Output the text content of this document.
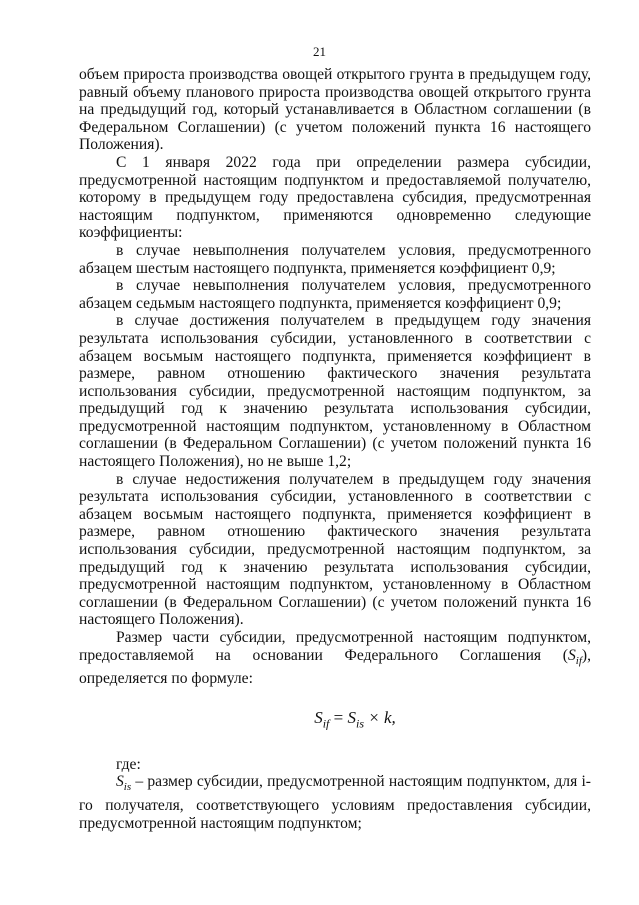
21

объем прироста производства овощей открытого грунта в предыдущем году, равный объему планового прироста производства овощей открытого грунта на предыдущий год, который устанавливается в Областном соглашении (в Федеральном Соглашении) (с учетом положений пункта 16 настоящего Положения).

С 1 января 2022 года при определении размера субсидии, предусмотренной настоящим подпунктом и предоставляемой получателю, которому в предыдущем году предоставлена субсидия, предусмотренная настоящим подпунктом, применяются одновременно следующие коэффициенты:

в случае невыполнения получателем условия, предусмотренного абзацем шестым настоящего подпункта, применяется коэффициент 0,9;

в случае невыполнения получателем условия, предусмотренного абзацем седьмым настоящего подпункта, применяется коэффициент 0,9;

в случае достижения получателем в предыдущем году значения результата использования субсидии, установленного в соответствии с абзацем восьмым настоящего подпункта, применяется коэффициент в размере, равном отношению фактического значения результата использования субсидии, предусмотренной настоящим подпунктом, за предыдущий год к значению результата использования субсидии, предусмотренной настоящим подпунктом, установленному в Областном соглашении (в Федеральном Соглашении) (с учетом положений пункта 16 настоящего Положения), но не выше 1,2;

в случае недостижения получателем в предыдущем году значения результата использования субсидии, установленного в соответствии с абзацем восьмым настоящего подпункта, применяется коэффициент в размере, равном отношению фактического значения результата использования субсидии, предусмотренной настоящим подпунктом, за предыдущий год к значению результата использования субсидии, предусмотренной настоящим подпунктом, установленному в Областном соглашении (в Федеральном Соглашении) (с учетом положений пункта 16 настоящего Положения).

Размер части субсидии, предусмотренной настоящим подпунктом, предоставляемой на основании Федерального Соглашения $(S_{if})$, определяется по формуле:

$S_{if} = S_{is} \times k$,

где:

$S_{is}$ – размер субсидии, предусмотренной настоящим подпунктом, для i-го получателя, соответствующего условиям предоставления субсидии, предусмотренной настоящим подпунктом;
